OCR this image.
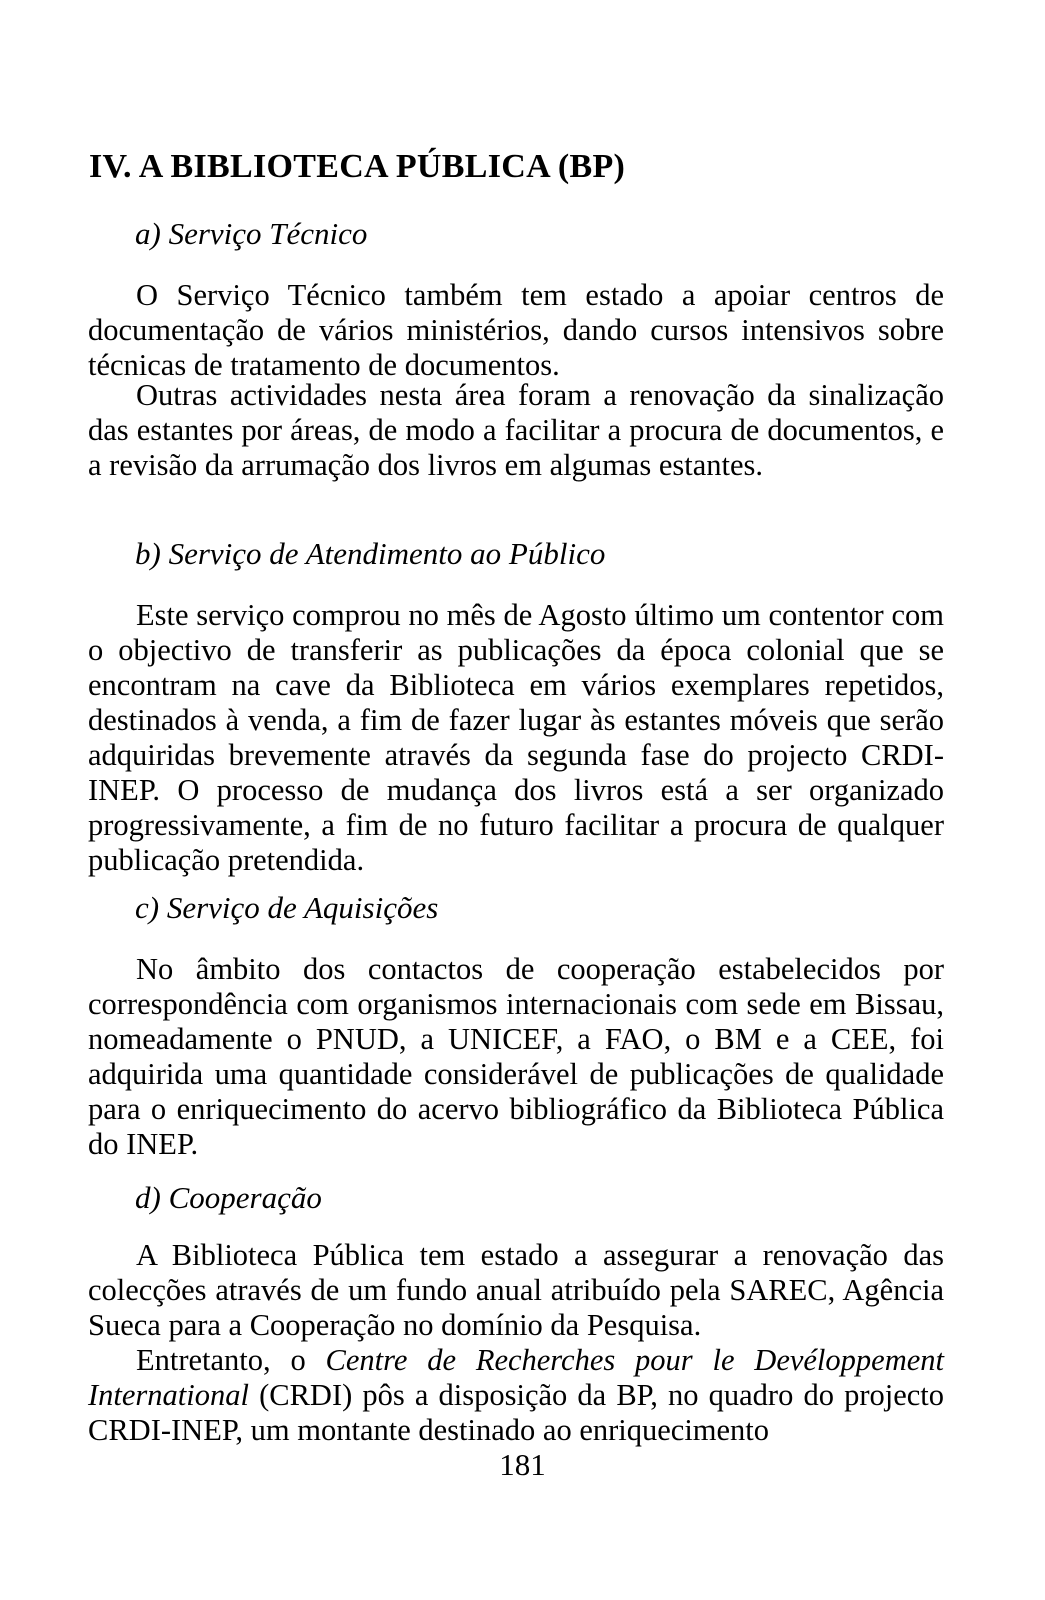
IV. A BIBLIOTECA PÚBLICA (BP)
a) Serviço Técnico

O Serviço Técnico também tem estado a apoiar centros de documentação de vários ministérios, dando cursos intensivos sobre técnicas de tratamento de documentos.

Outras actividades nesta área foram a renovação da sinalização das estantes por áreas, de modo a facilitar a procura de documentos, e a revisão da arrumação dos livros em algumas estantes.

b) Serviço de Atendimento ao Público

Este serviço comprou no mês de Agosto último um contentor com o objectivo de transferir as publicações da época colonial que se encontram na cave da Biblioteca em vários exemplares repetidos, destinados à venda, a fim de fazer lugar às estantes móveis que serão adquiridas brevemente através da segunda fase do projecto CRDI-INEP. O processo de mudança dos livros está a ser organizado progressivamente, a fim de no futuro facilitar a procura de qualquer publicação pretendida.

c) Serviço de Aquisições

No âmbito dos contactos de cooperação estabelecidos por correspondência com organismos internacionais com sede em Bissau, nomeadamente o PNUD, a UNICEF, a FAO, o BM e a CEE, foi adquirida uma quantidade considerável de publicações de qualidade para o enriquecimento do acervo bibliográfico da Biblioteca Pública do INEP.

d) Cooperação

A Biblioteca Pública tem estado a assegurar a renovação das colecções através de um fundo anual atribuído pela SAREC, Agência Sueca para a Cooperação no domínio da Pesquisa.

Entretanto, o Centre de Recherches pour le Devéloppement International (CRDI) pôs a disposição da BP, no quadro do projecto CRDI-INEP, um montante destinado ao enriquecimento

181
